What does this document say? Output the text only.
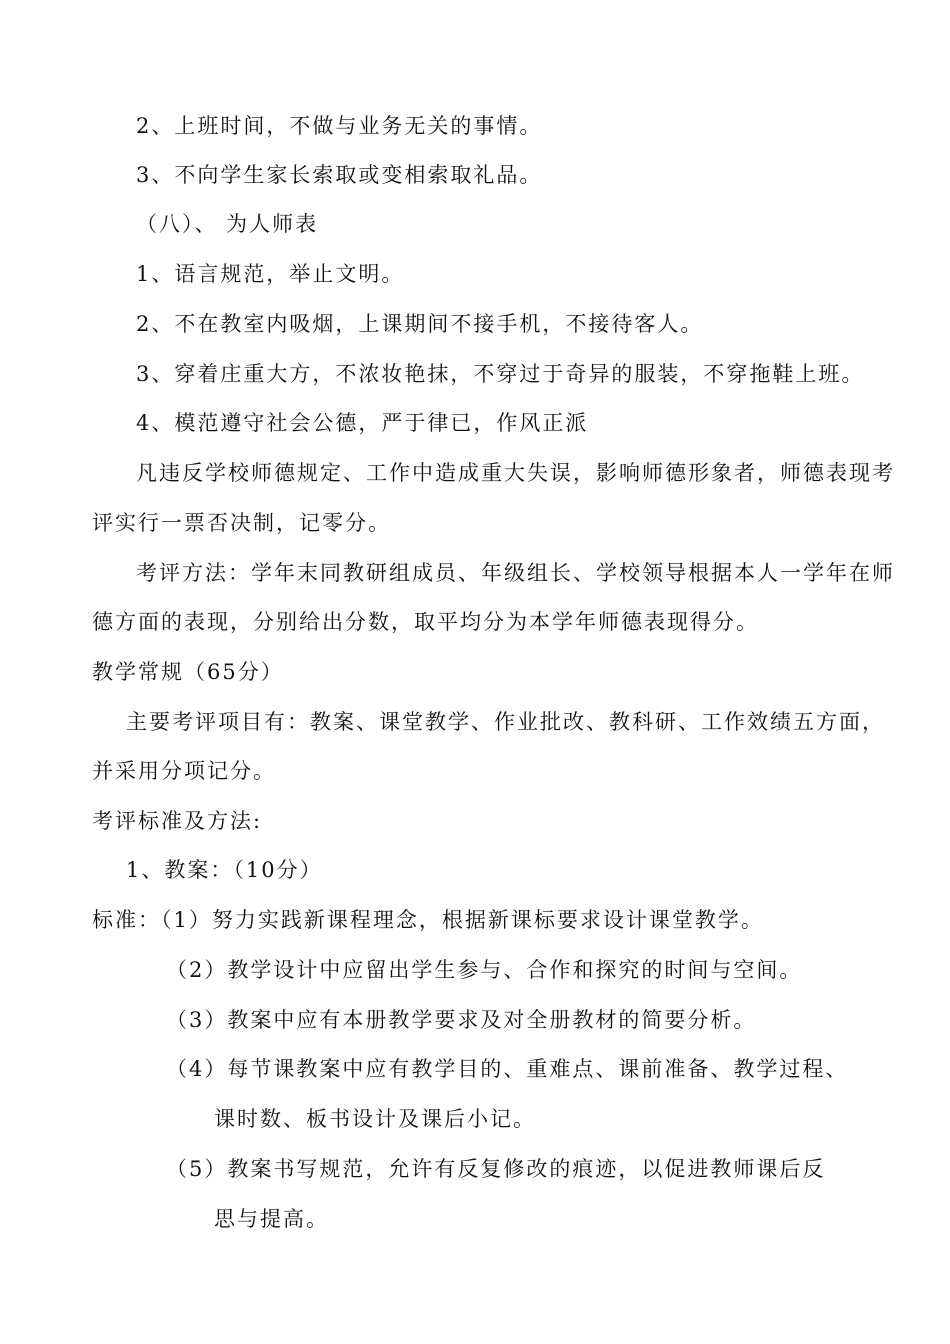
2、上班时间，不做与业务无关的事情。
3、不向学生家长索取或变相索取礼品。
（八）、 为人师表
1、语言规范，举止文明。
2、不在教室内吸烟，上课期间不接手机，不接待客人。
3、穿着庄重大方，不浓妆艳抹，不穿过于奇异的服装，不穿拖鞋上班。
4、模范遵守社会公德，严于律已，作风正派
凡违反学校师德规定、工作中造成重大失误，影响师德形象者，师德表现考
评实行一票否决制，记零分。
考评方法：学年末同教研组成员、年级组长、学校领导根据本人一学年在师
德方面的表现，分别给出分数，取平均分为本学年师德表现得分。
教学常规（65分）
主要考评项目有：教案、课堂教学、作业批改、教科研、工作效绩五方面，
并采用分项记分。
考评标准及方法:
1、教案：（10分）
标准：（1）努力实践新课程理念，根据新课标要求设计课堂教学。
（2）教学设计中应留出学生参与、合作和探究的时间与空间。
（3）教案中应有本册教学要求及对全册教材的简要分析。
（4）每节课教案中应有教学目的、重难点、课前准备、教学过程、
课时数、板书设计及课后小记。
（5）教案书写规范，允许有反复修改的痕迹，以促进教师课后反
思与提高。
